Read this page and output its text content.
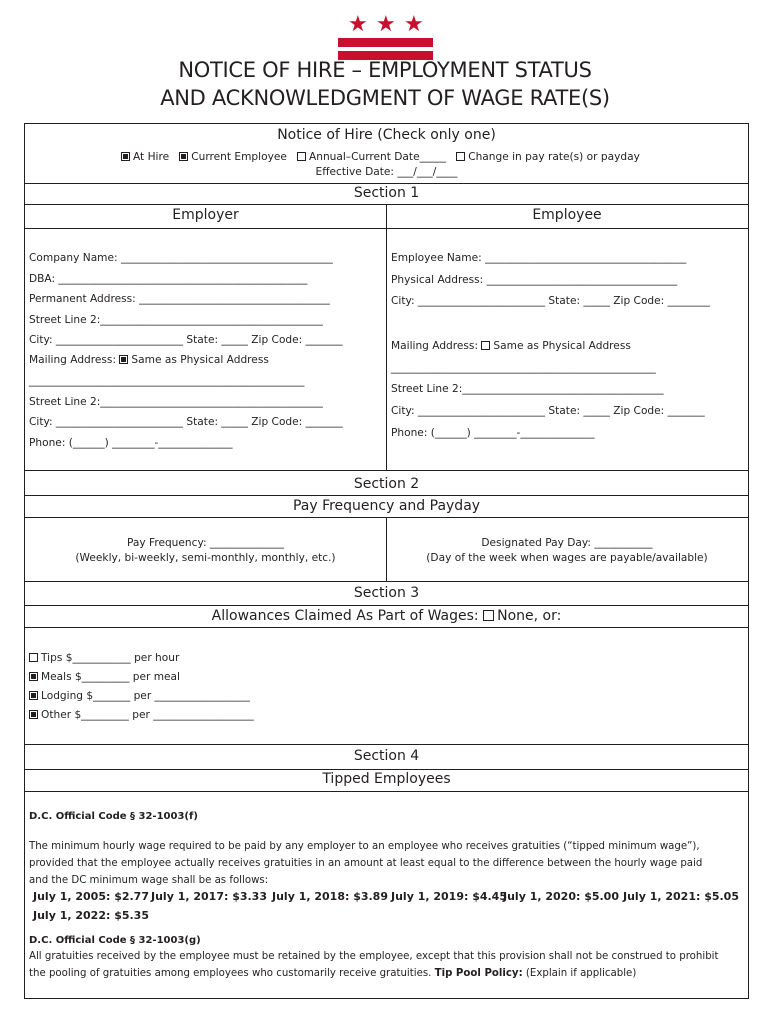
★ ★ ★
NOTICE OF HIRE – EMPLOYMENT STATUS
AND ACKNOWLEDGMENT OF WAGE RATE(S)
Notice of Hire (Check only one)
At Hire Current Employee Annual–Current Date_____ Change in pay rate(s) or payday
Effective Date: ___/___/____
Section 1
Employer	Employee
Company Name: ________________________________________
DBA: _______________________________________________
Permanent Address: ____________________________________
Street Line 2:__________________________________________
City: ________________________ State: _____ Zip Code: _______
Mailing Address: Same as Physical Address
____________________________________________________
Street Line 2:__________________________________________
City: ________________________ State: _____ Zip Code: _______
Phone: (______) ________-______________
Employee Name: ______________________________________
Physical Address: ____________________________________
City: ________________________ State: _____ Zip Code: ________
Mailing Address: Same as Physical Address
__________________________________________________
Street Line 2:______________________________________
City: ________________________ State: _____ Zip Code: _______
Phone: (______) ________-______________
Section 2
Pay Frequency and Payday
Pay Frequency: ______________
(Weekly, bi-weekly, semi-monthly, monthly, etc.)
Designated Pay Day: ___________
(Day of the week when wages are payable/available)
Section 3
Allowances Claimed As Part of Wages: None, or:
Tips $___________ per hour
Meals $_________ per meal
Lodging $_______ per __________________
Other $_________ per ___________________
Section 4
Tipped Employees
D.C. Official Code § 32-1003(f)
The minimum hourly wage required to be paid by any employer to an employee who receives gratuities (“tipped minimum wage”),
provided that the employee actually receives gratuities in an amount at least equal to the difference between the hourly wage paid
and the DC minimum wage shall be as follows:
July 1, 2005: $2.77 July 1, 2017: $3.33 July 1, 2018: $3.89 July 1, 2019: $4.45
July 1, 2020: $5.00 July 1, 2021: $5.05
July 1, 2022: $5.35
D.C. Official Code § 32-1003(g)
All gratuities received by the employee must be retained by the employee, except that this provision shall not be construed to prohibit
the pooling of gratuities among employees who customarily receive gratuities. Tip Pool Policy: (Explain if applicable)
